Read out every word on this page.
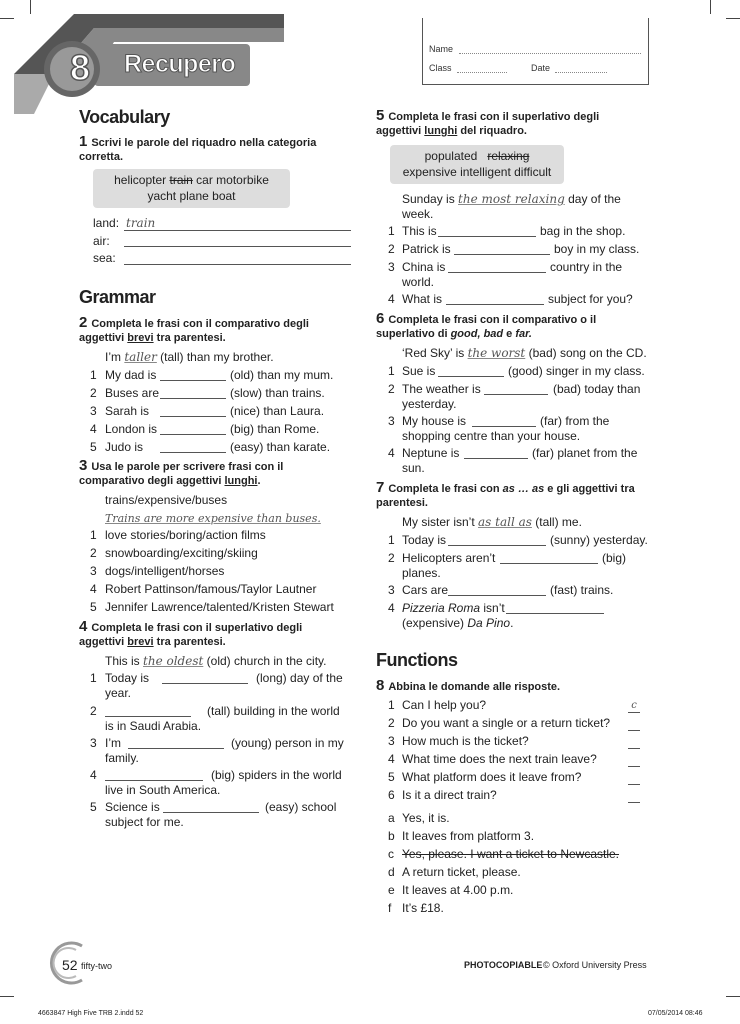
8	Recupero
Name
Class	Date
Vocabulary
1 Scrivi le parole del riquadro nella categoria corretta.
helicopter train car motorbike
yacht plane boat
land: train
air:
sea:
Grammar
2 Completa le frasi con il comparativo degli aggettivi brevi tra parentesi.
I’m taller (tall) than my brother.
1 My dad is	(old) than my mum.
2 Buses are	(slow) than trains.
3 Sarah is	(nice) than Laura.
4 London is	(big) than Rome.
5 Judo is	(easy) than karate.
3 Usa le parole per scrivere frasi con il comparativo degli aggettivi lunghi.
trains/expensive/buses
Trains are more expensive than buses.
1 love stories/boring/action films
2 snowboarding/exciting/skiing
3 dogs/intelligent/horses
4 Robert Pattinson/famous/Taylor Lautner
5 Jennifer Lawrence/talented/Kristen Stewart
4 Completa le frasi con il superlativo degli aggettivi brevi tra parentesi.
This is the oldest (old) church in the city.
1 Today is	(long) day of the
year.
2	(tall) building in the world
is in Saudi Arabia.
3 I’m	(young) person in my
family.
4	(big) spiders in the world
live in South America.
5 Science is	(easy) school
subject for me.
5 Completa le frasi con il superlativo degli aggettivi lunghi del riquadro.
populated relaxing
expensive intelligent difficult
Sunday is the most relaxing day of the
week.
1 This is	bag in the shop.
2 Patrick is	boy in my class.
3 China is	country in the
world.
4 What is	subject for you?
6 Completa le frasi con il comparativo o il superlativo di good, bad e far.
‘Red Sky’ is the worst (bad) song on the CD.
1 Sue is	(good) singer in my class.
2 The weather is	(bad) today than
yesterday.
3 My house is	(far) from the
shopping centre than your house.
4 Neptune is	(far) planet from the
sun.
7 Completa le frasi con as … as e gli aggettivi tra parentesi.
My sister isn’t as tall as (tall) me.
1 Today is	(sunny) yesterday.
2 Helicopters aren’t	(big)
planes.
3 Cars are	(fast) trains.
4 Pizzeria Roma isn’t
(expensive) Da Pino.
Functions
8 Abbina le domande alle risposte.
1 Can I help you?	c
2 Do you want a single or a return ticket?
3 How much is the ticket?
4 What time does the next train leave?
5 What platform does it leave from?
6 Is it a direct train?
a Yes, it is.
b It leaves from platform 3.
c Yes, please. I want a ticket to Newcastle.
d A return ticket, please.
e It leaves at 4.00 p.m.
f It’s £18.
52 fifty-two	PHOTOCOPIABLE © Oxford University Press
4663847 High Five TRB 2.indd 52	07/05/2014 08:46
